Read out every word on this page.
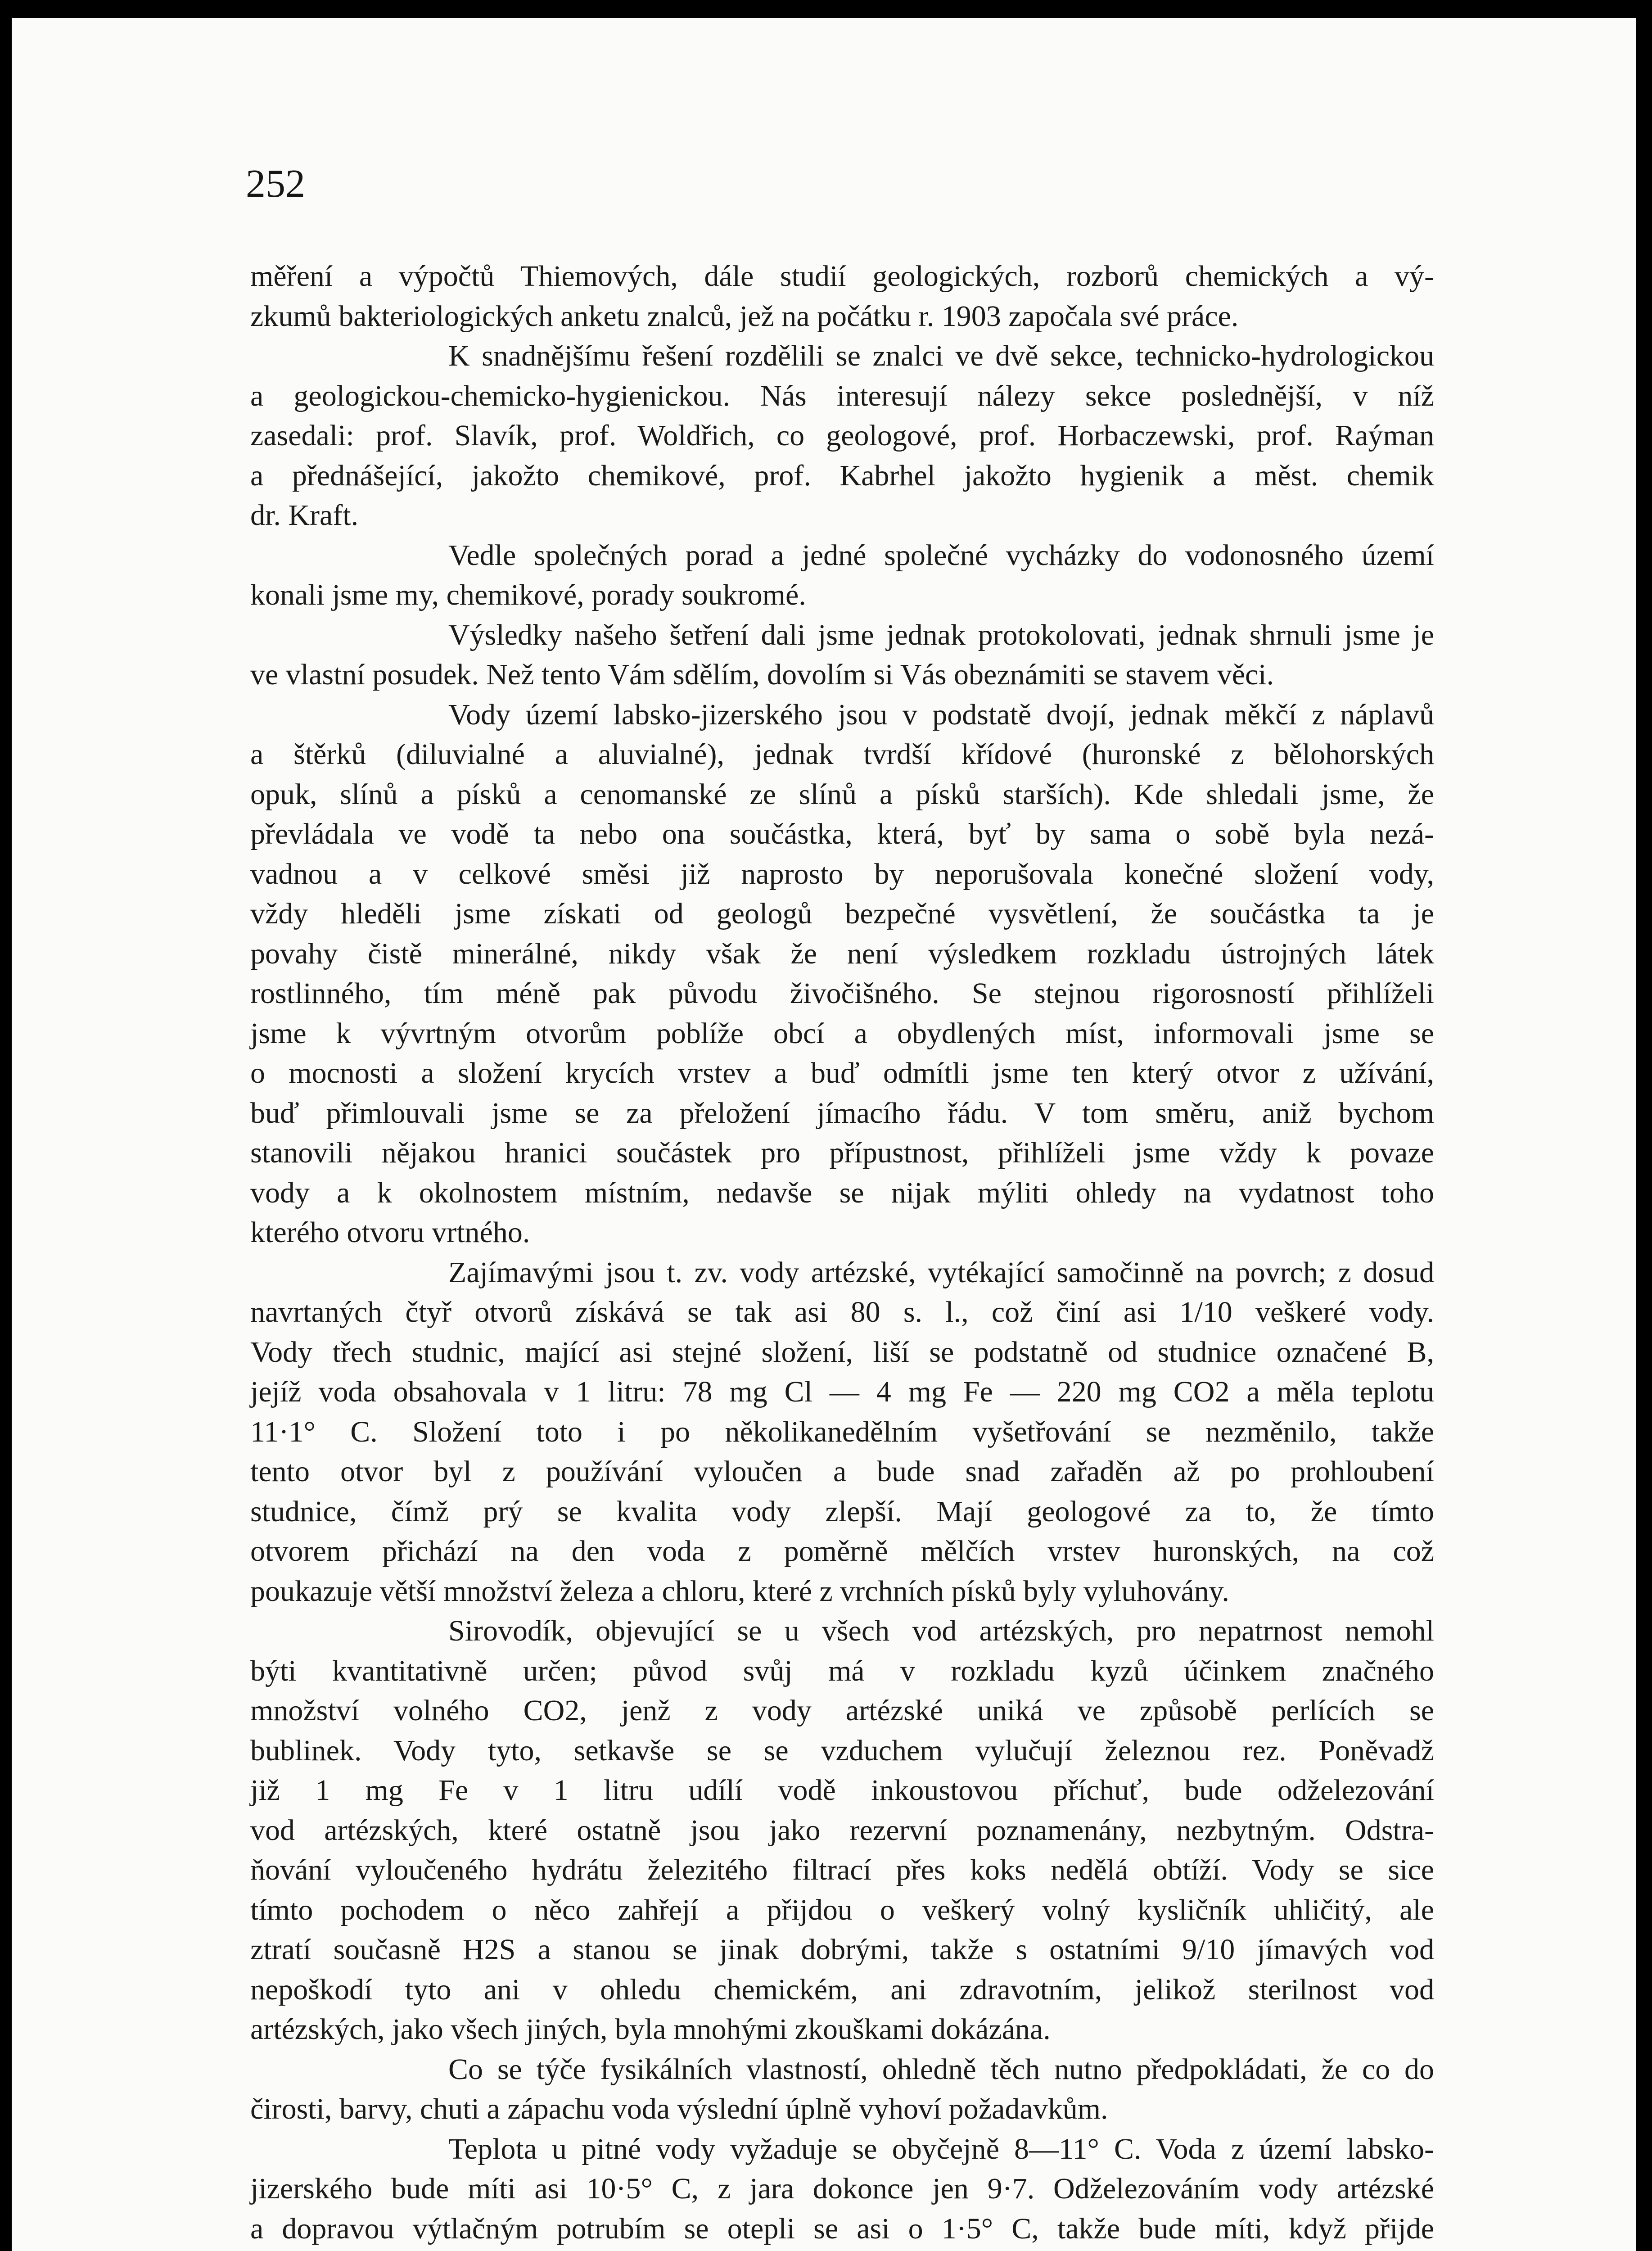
252

měření a výpočtů Thiemových, dále studií geologických, rozborů chemických a vý-
zkumů bakteriologických anketu znalců, jež na počátku r. 1903 započala své práce.

K snadnějšímu řešení rozdělili se znalci ve dvě sekce, technicko-hydrologickou
a geologickou-chemicko-hygienickou. Nás interesují nálezy sekce poslednější, v níž
zasedali: prof. Slavík, prof. Woldřich, co geologové, prof. Horbaczewski, prof. Raýman
a přednášející, jakožto chemikové, prof. Kabrhel jakožto hygienik a měst. chemik
dr. Kraft.

Vedle společných porad a jedné společné vycházky do vodonosného území
konali jsme my, chemikové, porady soukromé.

Výsledky našeho šetření dali jsme jednak protokolovati, jednak shrnuli jsme je
ve vlastní posudek. Než tento Vám sdělím, dovolím si Vás obeznámiti se stavem věci.

Vody území labsko-jizerského jsou v podstatě dvojí, jednak měkčí z náplavů
a štěrků (diluvialné a aluvialné), jednak tvrdší křídové (huronské z bělohorských
opuk, slínů a písků a cenomanské ze slínů a písků starších). Kde shledali jsme, že
převládala ve vodě ta nebo ona součástka, která, byť by sama o sobě byla nezá-
vadnou a v celkové směsi již naprosto by neporušovala konečné složení vody,
vždy hleděli jsme získati od geologů bezpečné vysvětlení, že součástka ta je
povahy čistě minerálné, nikdy však že není výsledkem rozkladu ústrojných látek
rostlinného, tím méně pak původu živočišného. Se stejnou rigorosností přihlíželi
jsme k vývrtným otvorům poblíže obcí a obydlených míst, informovali jsme se
o mocnosti a složení krycích vrstev a buď odmítli jsme ten který otvor z užívání,
buď přimlouvali jsme se za přeložení jímacího řádu. V tom směru, aniž bychom
stanovili nějakou hranici součástek pro přípustnost, přihlíželi jsme vždy k povaze
vody a k okolnostem místním, nedavše se nijak mýliti ohledy na vydatnost toho
kterého otvoru vrtného.

Zajímavými jsou t. zv. vody artézské, vytékající samočinně na povrch; z dosud
navrtaných čtyř otvorů získává se tak asi 80 s. l., což činí asi 1/10 veškeré vody.
Vody třech studnic, mající asi stejné složení, liší se podstatně od studnice označené B,
jejíž voda obsahovala v 1 litru: 78 mg Cl — 4 mg Fe — 220 mg CO2 a měla teplotu
11·1° C. Složení toto i po několikanedělním vyšetřování se nezměnilo, takže
tento otvor byl z používání vyloučen a bude snad zařaděn až po prohloubení
studnice, čímž prý se kvalita vody zlepší. Mají geologové za to, že tímto
otvorem přichází na den voda z poměrně mělčích vrstev huronských, na což
poukazuje větší množství železa a chloru, které z vrchních písků byly vyluhovány.

Sirovodík, objevující se u všech vod artézských, pro nepatrnost nemohl
býti kvantitativně určen; původ svůj má v rozkladu kyzů účinkem značného
množství volného CO2, jenž z vody artézské uniká ve způsobě perlících se
bublinek. Vody tyto, setkavše se se vzduchem vylučují železnou rez. Poněvadž
již 1 mg Fe v 1 litru udílí vodě inkoustovou příchuť, bude odželezování
vod artézských, které ostatně jsou jako rezervní poznamenány, nezbytným. Odstra-
ňování vyloučeného hydrátu železitého filtrací přes koks nedělá obtíží. Vody se sice
tímto pochodem o něco zahřejí a přijdou o veškerý volný kysličník uhličitý, ale
ztratí současně H2S a stanou se jinak dobrými, takže s ostatními 9/10 jímavých vod
nepoškodí tyto ani v ohledu chemickém, ani zdravotním, jelikož sterilnost vod
artézských, jako všech jiných, byla mnohými zkouškami dokázána.

Co se týče fysikálních vlastností, ohledně těch nutno předpokládati, že co do
čirosti, barvy, chuti a zápachu voda výslední úplně vyhoví požadavkům.

Teplota u pitné vody vyžaduje se obyčejně 8—11° C. Voda z území labsko-
jizerského bude míti asi 10·5° C, z jara dokonce jen 9·7. Odželezováním vody artézské
a dopravou výtlačným potrubím se otepli se asi o 1·5° C, takže bude míti, když přijde
